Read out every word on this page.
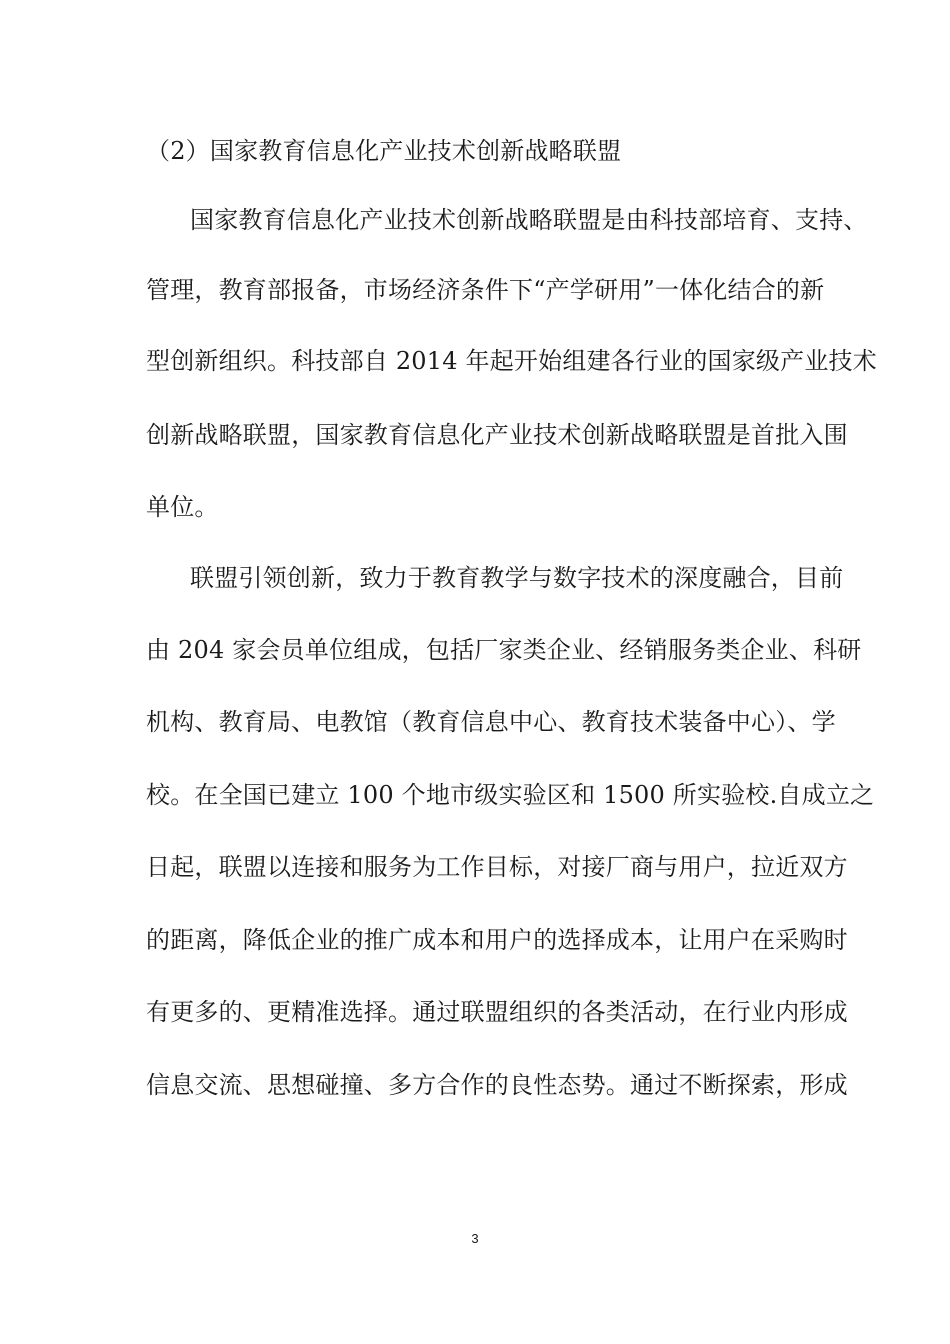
（2）国家教育信息化产业技术创新战略联盟
国家教育信息化产业技术创新战略联盟是由科技部培育、支持、
管理，教育部报备，市场经济条件下“产学研用”一体化结合的新
型创新组织。科技部自 2014 年起开始组建各行业的国家级产业技术
创新战略联盟，国家教育信息化产业技术创新战略联盟是首批入围
单位。
联盟引领创新，致力于教育教学与数字技术的深度融合，目前
由 204 家会员单位组成，包括厂家类企业、经销服务类企业、科研
机构、教育局、电教馆（教育信息中心、教育技术装备中心）、学
校。在全国已建立 100 个地市级实验区和 1500 所实验校.自成立之
日起，联盟以连接和服务为工作目标，对接厂商与用户，拉近双方
的距离，降低企业的推广成本和用户的选择成本，让用户在采购时
有更多的、更精准选择。通过联盟组织的各类活动，在行业内形成
信息交流、思想碰撞、多方合作的良性态势。通过不断探索，形成
3
